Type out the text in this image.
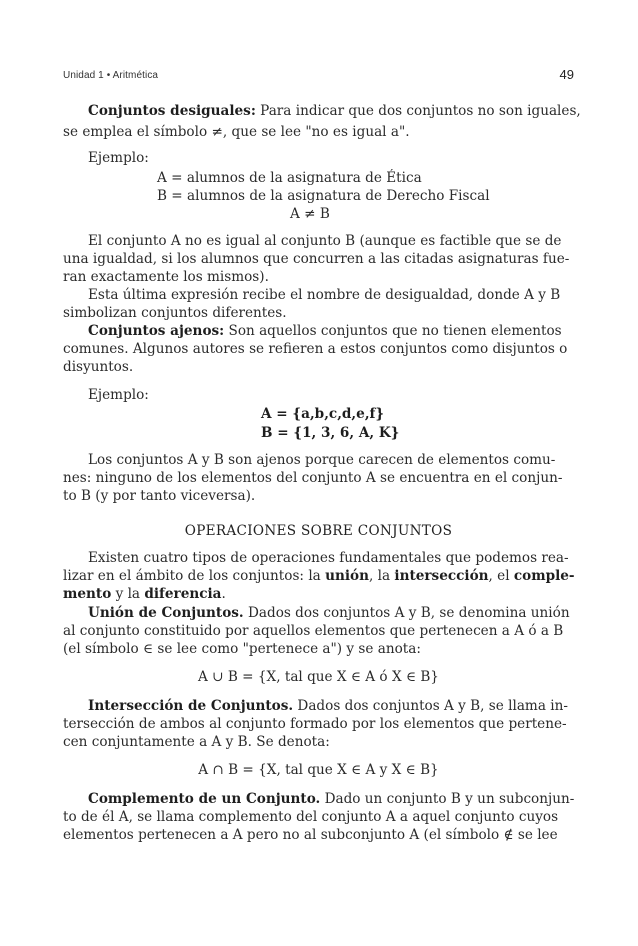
Unidad 1 • Aritmética	49
Conjuntos desiguales: Para indicar que dos conjuntos no son iguales,
se emplea el símbolo ≠, que se lee "no es igual a".
Ejemplo:
A = alumnos de la asignatura de Ética
B = alumnos de la asignatura de Derecho Fiscal
A ≠ B
El conjunto A no es igual al conjunto B (aunque es factible que se de
una igualdad, si los alumnos que concurren a las citadas asignaturas fue-
ran exactamente los mismos).
Esta última expresión recibe el nombre de desigualdad, donde A y B
simbolizan conjuntos diferentes.
Conjuntos ajenos: Son aquellos conjuntos que no tienen elementos
comunes. Algunos autores se refieren a estos conjuntos como disjuntos o
disyuntos.
Ejemplo:
A = {a,b,c,d,e,f}
B = {1, 3, 6, A, K}
Los conjuntos A y B son ajenos porque carecen de elementos comu-
nes: ninguno de los elementos del conjunto A se encuentra en el conjun-
to B (y por tanto viceversa).
OPERACIONES SOBRE CONJUNTOS
Existen cuatro tipos de operaciones fundamentales que podemos rea-
lizar en el ámbito de los conjuntos: la unión, la intersección, el comple-
mento y la diferencia.
Unión de Conjuntos. Dados dos conjuntos A y B, se denomina unión
al conjunto constituido por aquellos elementos que pertenecen a A ó a B
(el símbolo ∈ se lee como "pertenece a") y se anota:
A ∪ B = {X, tal que X ∈ A ó X ∈ B}
Intersección de Conjuntos. Dados dos conjuntos A y B, se llama in-
tersección de ambos al conjunto formado por los elementos que pertene-
cen conjuntamente a A y B. Se denota:
A ∩ B = {X, tal que X ∈ A y X ∈ B}
Complemento de un Conjunto. Dado un conjunto B y un subconjun-
to de él A, se llama complemento del conjunto A a aquel conjunto cuyos
elementos pertenecen a A pero no al subconjunto A (el símbolo ∉ se lee
